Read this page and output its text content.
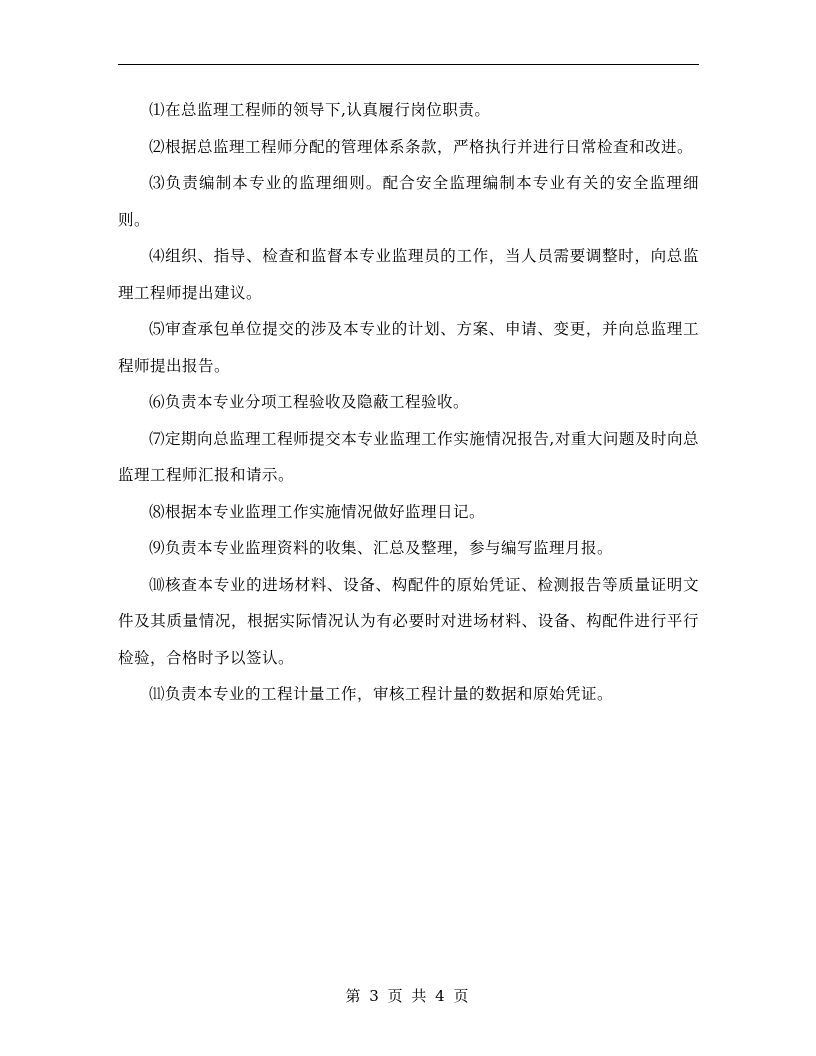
⑴在总监理工程师的领导下,认真履行岗位职责。

⑵根据总监理工程师分配的管理体系条款，严格执行并进行日常检查和改进。

⑶负责编制本专业的监理细则。配合安全监理编制本专业有关的安全监理细则。

⑷组织、指导、检查和监督本专业监理员的工作，当人员需要调整时，向总监理工程师提出建议。

⑸审查承包单位提交的涉及本专业的计划、方案、申请、变更，并向总监理工程师提出报告。

⑹负责本专业分项工程验收及隐蔽工程验收。

⑺定期向总监理工程师提交本专业监理工作实施情况报告,对重大问题及时向总监理工程师汇报和请示。

⑻根据本专业监理工作实施情况做好监理日记。

⑼负责本专业监理资料的收集、汇总及整理，参与编写监理月报。

⑽核查本专业的进场材料、设备、构配件的原始凭证、检测报告等质量证明文件及其质量情况，根据实际情况认为有必要时对进场材料、设备、构配件进行平行检验，合格时予以签认。

⑾负责本专业的工程计量工作，审核工程计量的数据和原始凭证。

第 3 页 共 4 页
